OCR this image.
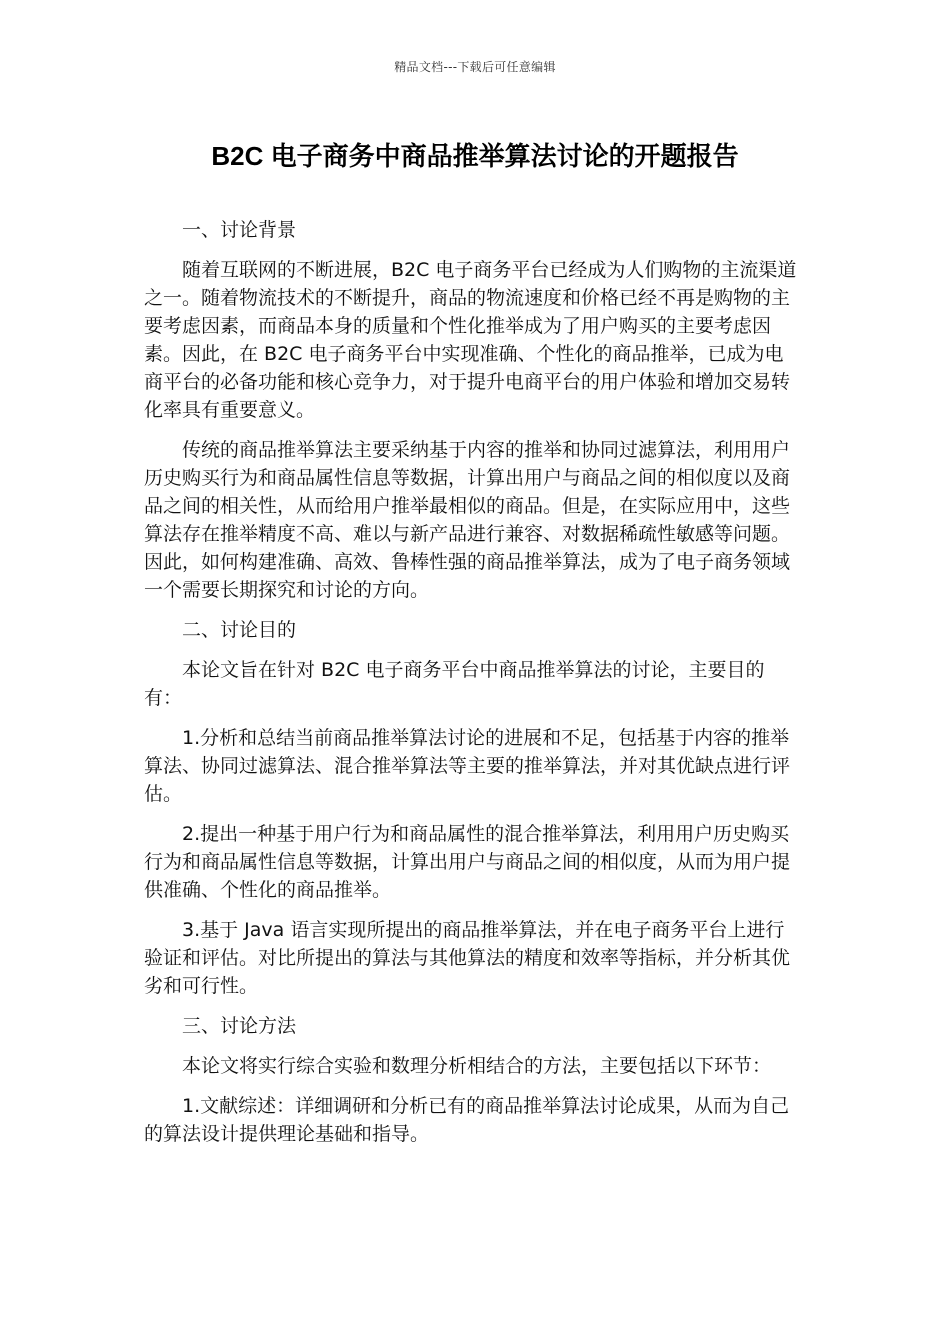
精品文档---下载后可任意编辑
B2C 电子商务中商品推举算法讨论的开题报告

一、讨论背景

随着互联网的不断进展，B2C 电子商务平台已经成为人们购物的主流渠道之一。随着物流技术的不断提升，商品的物流速度和价格已经不再是购物的主要考虑因素，而商品本身的质量和个性化推举成为了用户购买的主要考虑因素。因此，在 B2C 电子商务平台中实现准确、个性化的商品推举，已成为电商平台的必备功能和核心竞争力，对于提升电商平台的用户体验和增加交易转化率具有重要意义。

传统的商品推举算法主要采纳基于内容的推举和协同过滤算法，利用用户历史购买行为和商品属性信息等数据，计算出用户与商品之间的相似度以及商品之间的相关性，从而给用户推举最相似的商品。但是，在实际应用中，这些算法存在推举精度不高、难以与新产品进行兼容、对数据稀疏性敏感等问题。因此，如何构建准确、高效、鲁棒性强的商品推举算法，成为了电子商务领域一个需要长期探究和讨论的方向。

二、讨论目的

本论文旨在针对 B2C 电子商务平台中商品推举算法的讨论，主要目的有：

1.分析和总结当前商品推举算法讨论的进展和不足，包括基于内容的推举算法、协同过滤算法、混合推举算法等主要的推举算法，并对其优缺点进行评估。

2.提出一种基于用户行为和商品属性的混合推举算法，利用用户历史购买行为和商品属性信息等数据，计算出用户与商品之间的相似度，从而为用户提供准确、个性化的商品推举。

3.基于 Java 语言实现所提出的商品推举算法，并在电子商务平台上进行验证和评估。对比所提出的算法与其他算法的精度和效率等指标，并分析其优劣和可行性。

三、讨论方法

本论文将实行综合实验和数理分析相结合的方法，主要包括以下环节：

1.文献综述：详细调研和分析已有的商品推举算法讨论成果，从而为自己的算法设计提供理论基础和指导。
